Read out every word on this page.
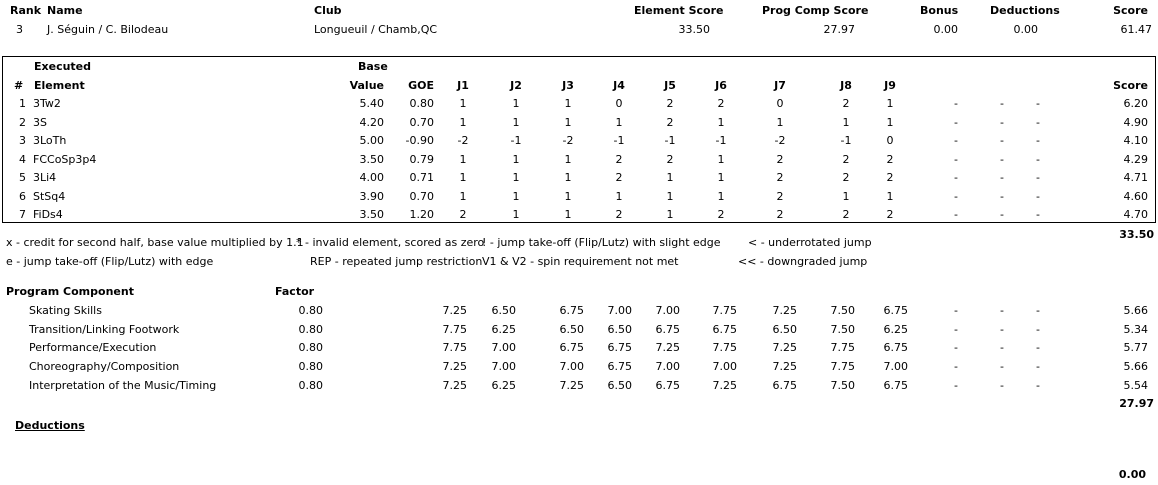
Rank Name	Club	Element Score	Prog Comp Score	Bonus	Deductions	Score
3 J. Séguin / C. Bilodeau	Longueuil / Chamb,QC	33.50	27.97	0.00	0.00	61.47
Executed	Base
# Element	Value	GOE	J1	J2	J3	J4	J5	J6	J7	J8	J9	Score
1 3Tw2	5.40	0.80	1	1	1	0	2	2	0	2	1	-	-	-	6.20
2 3S	4.20	0.70	1	1	1	1	2	1	1	1	1	-	-	-	4.90
3 3LoTh	5.00	-0.90	-2	-1	-2	-1	-1	-1	-2	-1	0	-	-	-	4.10
4 FCCoSp3p4	3.50	0.79	1	1	1	2	2	1	2	2	2	-	-	-	4.29
5 3Li4	4.00	0.71	1	1	1	2	1	1	2	2	2	-	-	-	4.71
6 StSq4	3.90	0.70	1	1	1	1	1	1	2	1	1	-	-	-	4.60
7 FiDs4	3.50	1.20	2	1	1	2	1	2	2	2	2	-	-	-	4.70
33.50
x - credit for second half, base value multiplied by 1.1
* - invalid element, scored as zero
! - jump take-off (Flip/Lutz) with slight edge < - underrotated jump
e - jump take-off (Flip/Lutz) with edge	REP - repeated jump restriction V1 & V2 - spin requirement not met	<< - downgraded jump
Program Component	Factor
Skating Skills	0.80	7.25	6.50	6.75	7.00	7.00	7.75	7.25	7.50	6.75	-	-	-	5.66
Transition/Linking Footwork	0.80	7.75	6.25	6.50	6.50	6.75	6.75	6.50	7.50	6.25	-	-	-	5.34
Performance/Execution	0.80	7.75	7.00	6.75	6.75	7.25	7.75	7.25	7.75	6.75	-	-	-	5.77
Choreography/Composition	0.80	7.25	7.00	7.00	6.75	7.00	7.00	7.25	7.75	7.00	-	-	-	5.66
Interpretation of the Music/Timing	0.80	7.25	6.25	7.25	6.50	6.75	7.25	6.75	7.50	6.75	-	-	-	5.54
27.97
Deductions
0.00
